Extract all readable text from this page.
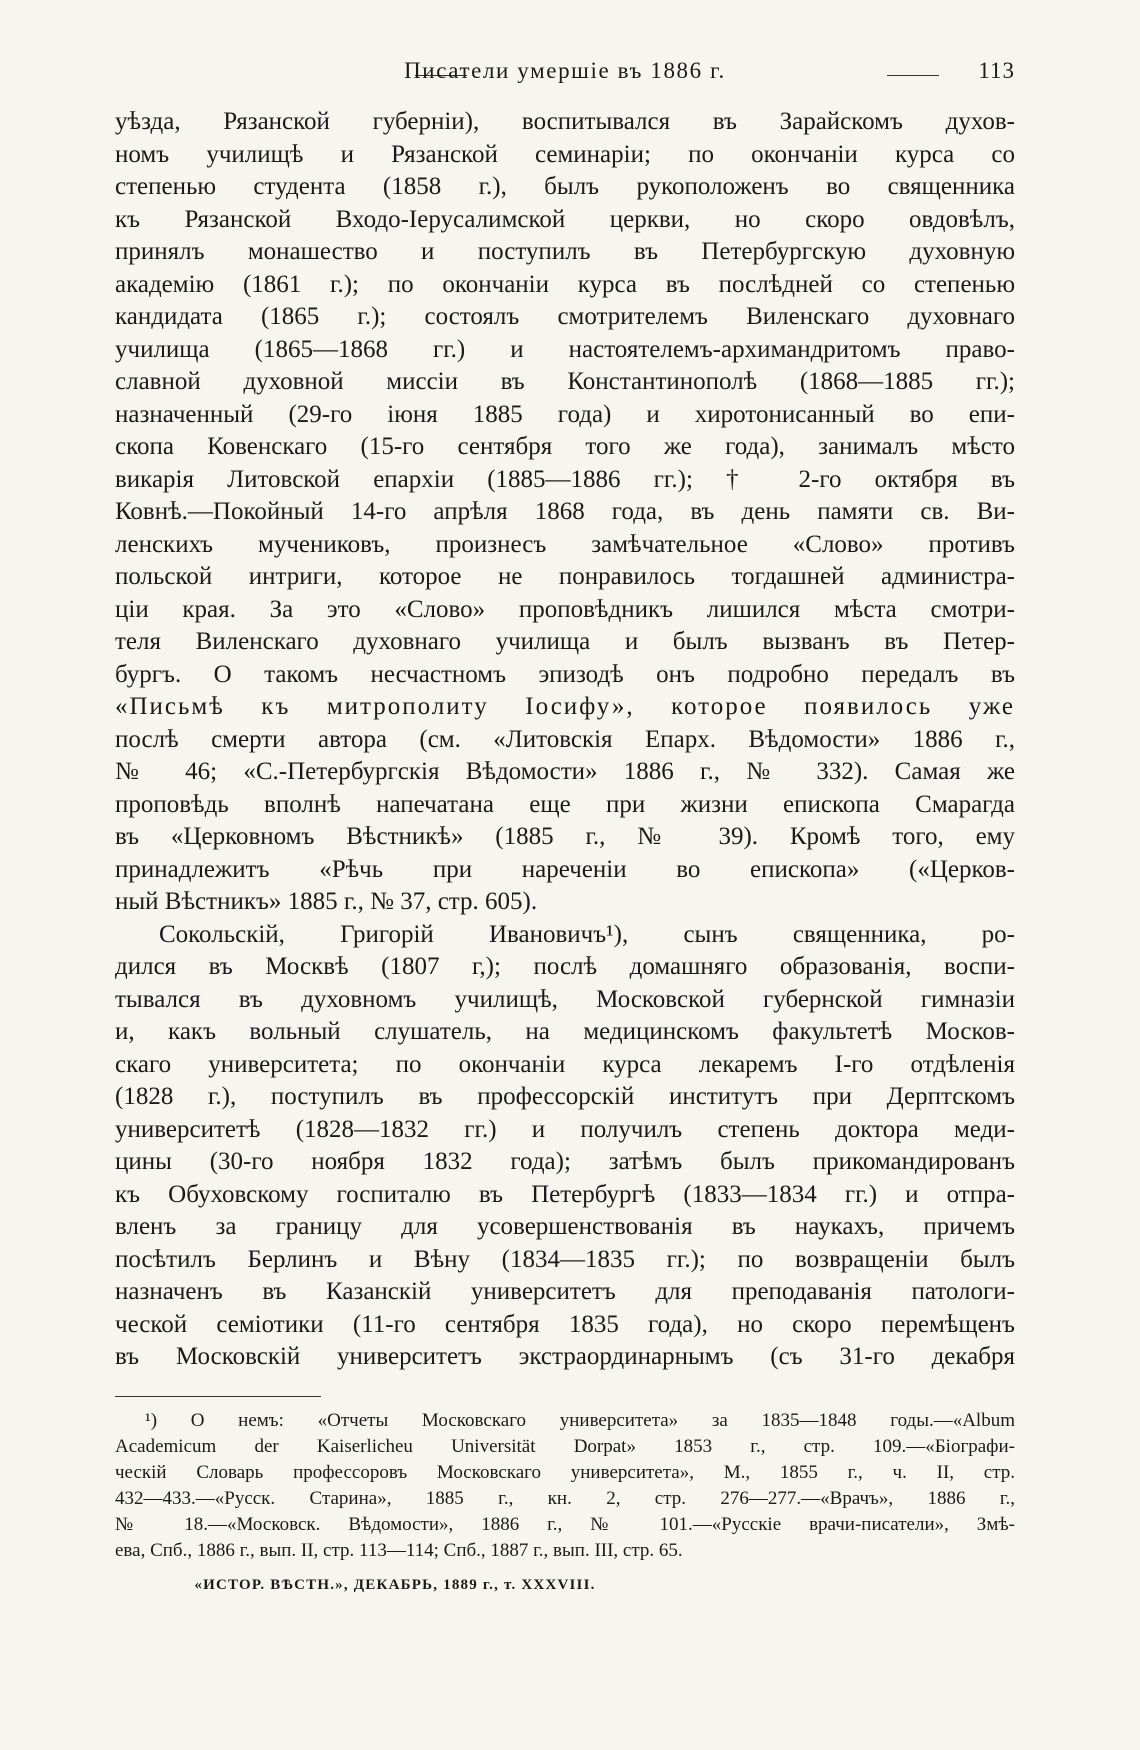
Писатели умершіе въ 1886 г.	113
уѣзда, Рязанской губерніи), воспитывался въ Зарайскомъ духов-
номъ училищѣ и Рязанской семинаріи; по окончаніи курса со
степенью студента (1858 г.), былъ рукоположенъ во священника
къ Рязанской Входо-Іерусалимской церкви, но скоро овдовѣлъ,
принялъ монашество и поступилъ въ Петербургскую духовную
академію (1861 г.); по окончаніи курса въ послѣдней со степенью
кандидата (1865 г.); состоялъ смотрителемъ Виленскаго духовнаго
училища (1865—1868 гг.) и настоятелемъ-архимандритомъ право-
славной духовной миссіи въ Константинополѣ (1868—1885 гг.);
назначенный (29-го іюня 1885 года) и хиротонисанный во епи-
скопа Ковенскаго (15-го сентября того же года), занималъ мѣсто
викарія Литовской епархіи (1885—1886 гг.); † 2-го октября въ
Ковнѣ.—Покойный 14-го апрѣля 1868 года, въ день памяти св. Ви-
ленскихъ мучениковъ, произнесъ замѣчательное «Слово» противъ
польской интриги, которое не понравилось тогдашней администра-
ціи края. За это «Слово» проповѣдникъ лишился мѣста смотри-
теля Виленскаго духовнаго училища и былъ вызванъ въ Петер-
бургъ. О такомъ несчастномъ эпизодѣ онъ подробно передалъ въ
«Письмѣ къ митрополиту Іосифу», которое появилось уже
послѣ смерти автора (см. «Литовскія Епарх. Вѣдомости» 1886 г.,
№ 46; «С.-Петербургскія Вѣдомости» 1886 г., № 332). Самая же
проповѣдь вполнѣ напечатана еще при жизни епископа Смарагда
въ «Церковномъ Вѣстникѣ» (1885 г., № 39). Кромѣ того, ему
принадлежитъ «Рѣчь при нареченіи во епископа» («Церков-
ный Вѣстникъ» 1885 г., № 37, стр. 605).
Сокольскій, Григорій Ивановичъ¹), сынъ священника, ро-
дился въ Москвѣ (1807 г,); послѣ домашняго образованія, воспи-
тывался въ духовномъ училищѣ, Московской губернской гимназіи
и, какъ вольный слушатель, на медицинскомъ факультетѣ Москов-
скаго университета; по окончаніи курса лекаремъ І-го отдѣленія
(1828 г.), поступилъ въ профессорскій институтъ при Дерптскомъ
университетѣ (1828—1832 гг.) и получилъ степень доктора меди-
цины (30-го ноября 1832 года); затѣмъ былъ прикомандированъ
къ Обуховскому госпиталю въ Петербургѣ (1833—1834 гг.) и отпра-
вленъ за границу для усовершенствованія въ наукахъ, причемъ
посѣтилъ Берлинъ и Вѣну (1834—1835 гг.); по возвращеніи былъ
назначенъ въ Казанскій университетъ для преподаванія патологи-
ческой семіотики (11-го сентября 1835 года), но скоро перемѣщенъ
въ Московскій университетъ экстраординарнымъ (съ 31-го декабря
¹) О немъ: «Отчеты Московскаго университета» за 1835—1848 годы.—«Album
Academicum der Kaiserlicheu Universität Dorpat» 1853 г., стр. 109.—«Біографи-
ческій Словарь профессоровъ Московскаго университета», М., 1855 г., ч. II, стр.
432—433.—«Русск. Старина», 1885 г., кн. 2, стр. 276—277.—«Врачъ», 1886 г.,
№ 18.—«Московск. Вѣдомости», 1886 г., № 101.—«Русскіе врачи-писатели», Змѣ-
ева, Спб., 1886 г., вып. II, стр. 113—114; Спб., 1887 г., вып. III, стр. 65.
«ИСТОР. ВѢСТН.», ДЕКАБРЬ, 1889 г., т. XXXVIII.
